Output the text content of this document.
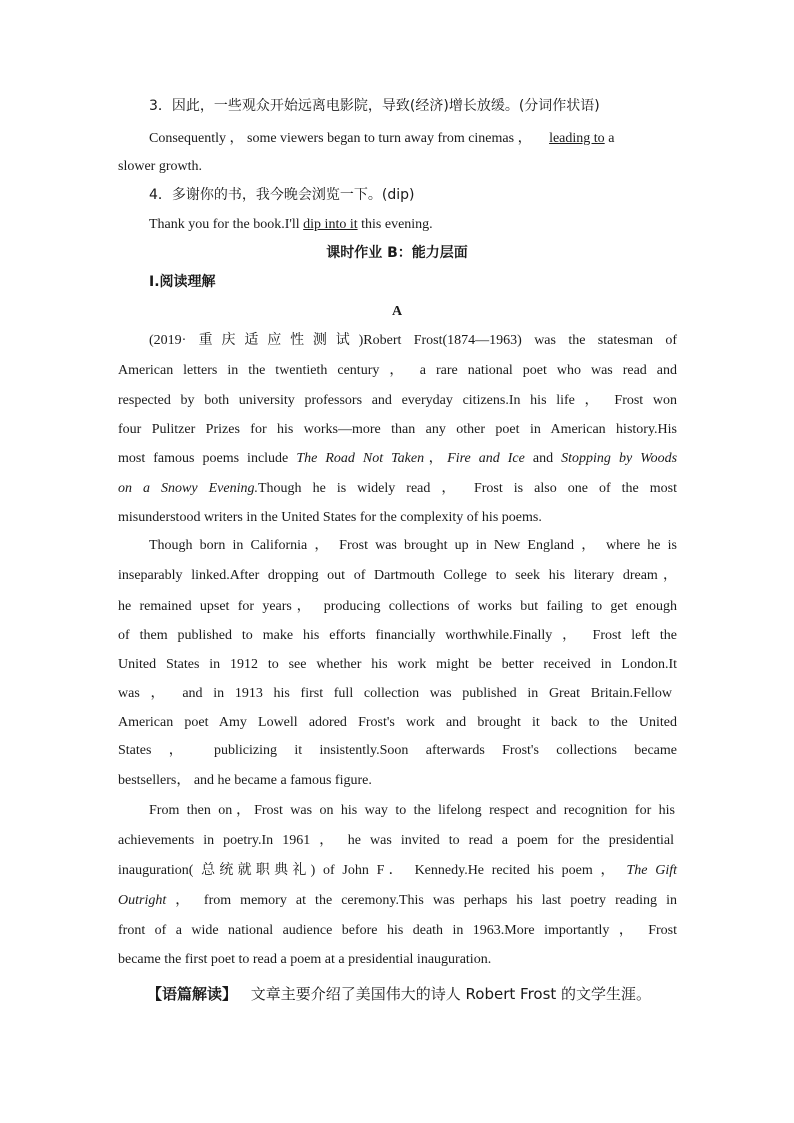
3．因此，一些观众开始远离电影院，导致(经济)增长放缓。(分词作状语)
Consequently ， some viewers began to turn away from cinemas ， leading to a
slower growth.
4．多谢你的书，我今晚会浏览一下。(dip)
Thank you for the book.I'll dip into it this evening.
课时作业 B：能力层面
Ⅰ.阅读理解
A
(2019· 重庆适应性测试)Robert Frost(1874—1963) was the statesman of
American letters in the twentieth century ， a rare national poet who was read and
respected by both university professors and everyday citizens.In his life ， Frost won
four Pulitzer Prizes for his works—more than any other poet in American history.His
most famous poems include The Road Not Taken，Fire and Ice and Stopping by Woods
on a Snowy Evening.Though he is widely read ， Frost is also one of the most
misunderstood writers in the United States for the complexity of his poems.
Though born in California ， Frost was brought up in New England ， where he is
inseparably linked.After dropping out of Dartmouth College to seek his literary dream，
he remained upset for years， producing collections of works but failing to get enough
of them published to make his efforts financially worthwhile.Finally ， Frost left the
United States in 1912 to see whether his work might be better received in London.It
was ， and in 1913 his first full collection was published in Great Britain.Fellow
American poet Amy Lowell adored Frost's work and brought it back to the United
States ， publicizing it insistently.Soon afterwards Frost's collections became
bestsellers， and he became a famous figure.
From then on，Frost was on his way to the lifelong respect and recognition for his
achievements in poetry.In 1961 ， he was invited to read a poem for the presidential
inauguration( 总统就职典礼) of John F． Kennedy.He recited his poem ， The Gift
Outright ， from memory at the ceremony.This was perhaps his last poetry reading in
front of a wide national audience before his death in 1963.More importantly ， Frost
became the first poet to read a poem at a presidential inauguration.
【语篇解读】 文章主要介绍了美国伟大的诗人 Robert Frost 的文学生涯。
